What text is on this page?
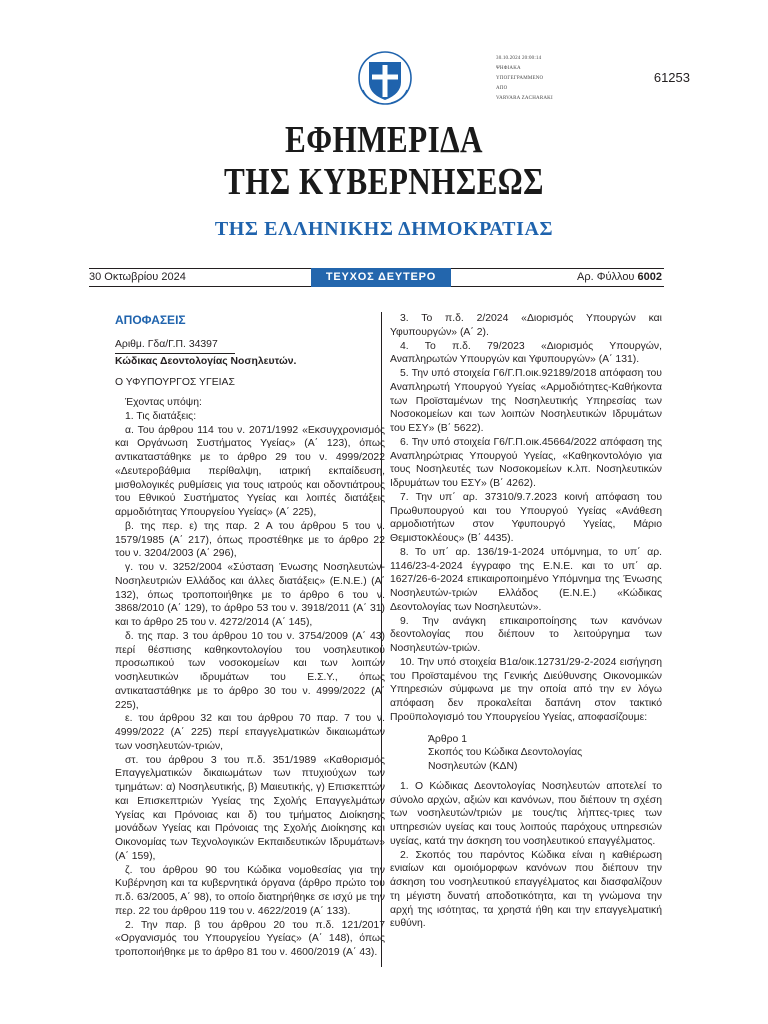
30.10.2024 20:00:14
ΨΗΦΙΑΚΑ
ΥΠΟΓΕΓΡΑΜΜΕΝΟ
ΑΠΟ
VARVARA ZACHARAKI
61253
ΕΦΗΜΕΡΙΔΑ
ΤΗΣ ΚΥΒΕΡΝΗΣΕΩΣ
ΤΗΣ ΕΛΛΗΝΙΚΗΣ ΔΗΜΟΚΡΑΤΙΑΣ
30 Οκτωβρίου 2024	ΤΕΥΧΟΣ ΔΕΥΤΕΡΟ	Αρ. Φύλλου 6002
ΑΠΟΦΑΣΕΙΣ
Αριθμ. Γδα/Γ.Π. 34397
Κώδικας Δεοντολογίας Νοσηλευτών.
Ο ΥΦΥΠΟΥΡΓΟΣ ΥΓΕΙΑΣ

Έχοντας υπόψη:

1. Τις διατάξεις:

α. Του άρθρου 114 του ν. 2071/1992 «Εκσυγχρονισμός και Οργάνωση Συστήματος Υγείας» (Α΄ 123), όπως αντικαταστάθηκε με το άρθρο 29 του ν. 4999/2022 «Δευτεροβάθμια περίθαλψη, ιατρική εκπαίδευση, μισθολογικές ρυθμίσεις για τους ιατρούς και οδοντιάτρους του Εθνικού Συστήματος Υγείας και λοιπές διατάξεις αρμοδιότητας Υπουργείου Υγείας» (Α΄ 225),

β. της περ. ε) της παρ. 2 Α του άρθρου 5 του ν. 1579/1985 (Α΄ 217), όπως προστέθηκε με το άρθρο 22 του ν. 3204/2003 (Α΄ 296),

γ. του ν. 3252/2004 «Σύσταση Ένωσης Νοσηλευτών-Νοσηλευτριών Ελλάδος και άλλες διατάξεις» (Ε.Ν.Ε.) (Α΄ 132), όπως τροποποιήθηκε με το άρθρο 6 του ν. 3868/2010 (Α΄ 129), το άρθρο 53 του ν. 3918/2011 (Α΄ 31) και το άρθρο 25 του ν. 4272/2014 (Α΄ 145),

δ. της παρ. 3 του άρθρου 10 του ν. 3754/2009 (Α΄ 43) περί θέσπισης καθηκοντολογίου του νοσηλευτικού προσωπικού των νοσοκομείων και των λοιπών νοσηλευτικών ιδρυμάτων του Ε.Σ.Υ., όπως αντικαταστάθηκε με το άρθρο 30 του ν. 4999/2022 (Α΄ 225),

ε. του άρθρου 32 και του άρθρου 70 παρ. 7 του ν. 4999/2022 (Α΄ 225) περί επαγγελματικών δικαιωμάτων των νοσηλευτών-τριών,

στ. του άρθρου 3 του π.δ. 351/1989 «Καθορισμός Επαγγελματικών δικαιωμάτων των πτυχιούχων των τμημάτων: α) Νοσηλευτικής, β) Μαιευτικής, γ) Επισκεπτών και Επισκεπτριών Υγείας της Σχολής Επαγγελμάτων Υγείας και Πρόνοιας και δ) του τμήματος Διοίκησης μονάδων Υγείας και Πρόνοιας της Σχολής Διοίκησης και Οικονομίας των Τεχνολογικών Εκπαιδευτικών Ιδρυμάτων» (Α΄ 159),

ζ. του άρθρου 90 του Κώδικα νομοθεσίας για την Κυβέρνηση και τα κυβερνητικά όργανα (άρθρο πρώτο του π.δ. 63/2005, Α΄ 98), το οποίο διατηρήθηκε σε ισχύ με την περ. 22 του άρθρου 119 του ν. 4622/2019 (Α΄ 133).

2. Την παρ. β του άρθρου 20 του π.δ. 121/2017 «Οργανισμός του Υπουργείου Υγείας» (Α΄ 148), όπως τροποποιήθηκε με το άρθρο 81 του ν. 4600/2019 (Α΄ 43).

3. Το π.δ. 2/2024 «Διορισμός Υπουργών και Υφυπουργών» (Α΄ 2).

4. Το π.δ. 79/2023 «Διορισμός Υπουργών, Αναπληρωτών Υπουργών και Υφυπουργών» (Α΄ 131).

5. Την υπό στοιχεία Γ6/Γ.Π.οικ.92189/2018 απόφαση του Αναπληρωτή Υπουργού Υγείας «Αρμοδιότητες-Καθήκοντα των Προϊσταμένων της Νοσηλευτικής Υπηρεσίας των Νοσοκομείων και των λοιπών Νοσηλευτικών Ιδρυμάτων του ΕΣΥ» (Β΄ 5622).

6. Την υπό στοιχεία Γ6/Γ.Π.οικ.45664/2022 απόφαση της Αναπληρώτριας Υπουργού Υγείας, «Καθηκοντολόγιο για τους Νοσηλευτές των Νοσοκομείων κ.λπ. Νοσηλευτικών Ιδρυμάτων του ΕΣΥ» (Β΄ 4262).

7. Την υπ΄ αρ. 37310/9.7.2023 κοινή απόφαση του Πρωθυπουργού και του Υπουργού Υγείας «Ανάθεση αρμοδιοτήτων στον Υφυπουργό Υγείας, Μάριο Θεμιστοκλέους» (Β΄ 4435).

8. Το υπ΄ αρ. 136/19-1-2024 υπόμνημα, το υπ΄ αρ. 1146/23-4-2024 έγγραφο της Ε.Ν.Ε. και το υπ΄ αρ. 1627/26-6-2024 επικαιροποιημένο Υπόμνημα της Ένωσης Νοσηλευτών-τριών Ελλάδος (Ε.Ν.Ε.) «Κώδικας Δεοντολογίας των Νοσηλευτών».

9. Την ανάγκη επικαιροποίησης των κανόνων δεοντολογίας που διέπουν το λειτούργημα των Νοσηλευτών-τριών.

10. Την υπό στοιχεία Β1α/οικ.12731/29-2-2024 εισήγηση του Προϊσταμένου της Γενικής Διεύθυνσης Οικονομικών Υπηρεσιών σύμφωνα με την οποία από την εν λόγω απόφαση δεν προκαλείται δαπάνη στον τακτικό Προϋπολογισμό του Υπουργείου Υγείας, αποφασίζουμε:

Άρθρο 1
Σκοπός του Κώδικα Δεοντολογίας
Νοσηλευτών (ΚΔΝ)

1. Ο Κώδικας Δεοντολογίας Νοσηλευτών αποτελεί το σύνολο αρχών, αξιών και κανόνων, που διέπουν τη σχέση των νοσηλευτών/τριών με τους/τις λήπτες-τριες των υπηρεσιών υγείας και τους λοιπούς παρόχους υπηρεσιών υγείας, κατά την άσκηση του νοσηλευτικού επαγγέλματος.

2. Σκοπός του παρόντος Κώδικα είναι η καθιέρωση ενιαίων και ομοιόμορφων κανόνων που διέπουν την άσκηση του νοσηλευτικού επαγγέλματος και διασφαλίζουν τη μέγιστη δυνατή αποδοτικότητα, και τη γνώμονα την αρχή της ισότητας, τα χρηστά ήθη και την επαγγελματική ευθύνη.
